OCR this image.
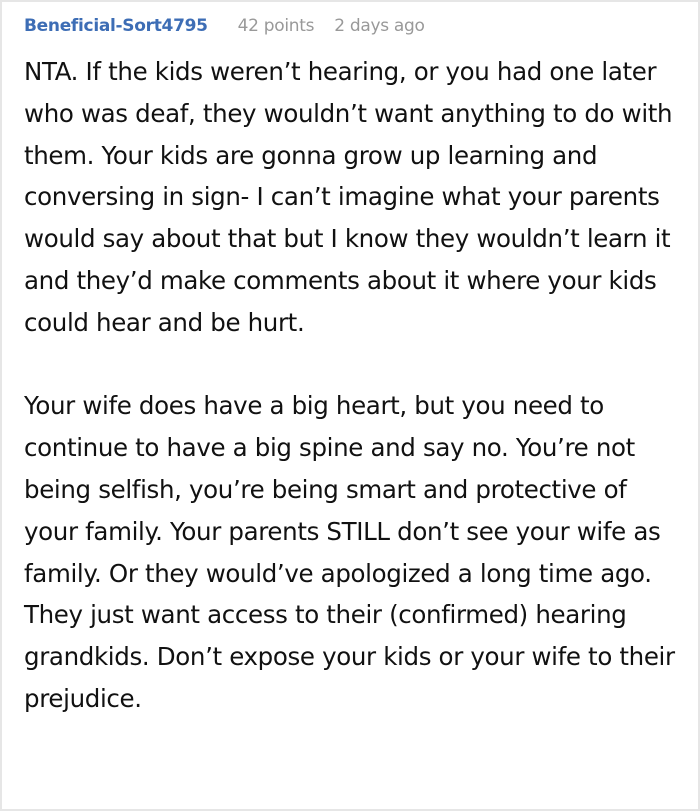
Beneficial-Sort4795 42 points 2 days ago

NTA. If the kids weren’t hearing, or you had one later who was deaf, they wouldn’t want anything to do with them. Your kids are gonna grow up learning and conversing in sign- I can’t imagine what your parents would say about that but I know they wouldn’t learn it and they’d make comments about it where your kids could hear and be hurt.

Your wife does have a big heart, but you need to continue to have a big spine and say no. You’re not being selfish, you’re being smart and protective of your family. Your parents STILL don’t see your wife as family. Or they would’ve apologized a long time ago. They just want access to their (confirmed) hearing grandkids. Don’t expose your kids or your wife to their prejudice.
